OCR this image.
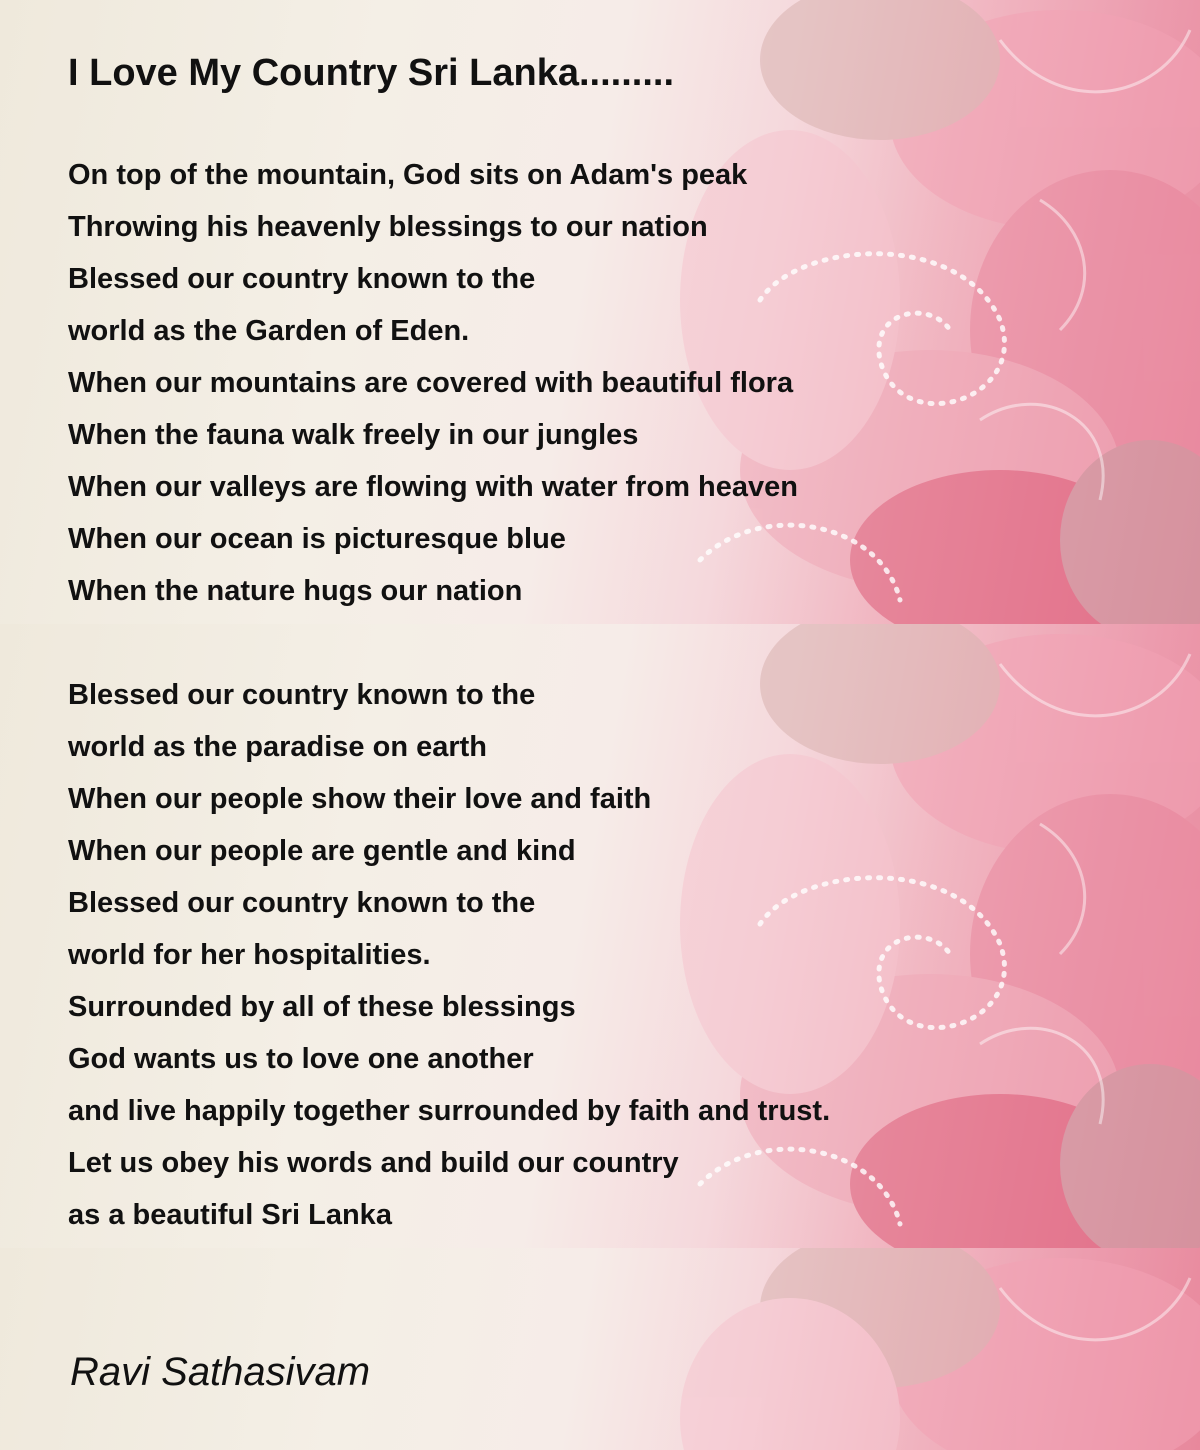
I Love My Country Sri Lanka.........
On top of the mountain, God sits on Adam's peak
Throwing his heavenly blessings to our nation
Blessed our country known to the
world as the Garden of Eden.
When our mountains are covered with beautiful flora
When the fauna walk freely in our jungles
When our valleys are flowing with water from heaven
When our ocean is picturesque blue
When the nature hugs our nation
Blessed our country known to the
world as the paradise on earth
When our people show their love and faith
When our people are gentle and kind
Blessed our country known to the
world for her hospitalities.
Surrounded by all of these blessings
God wants us to love one another
and live happily together surrounded by faith and trust.
Let us obey his words and build our country
as a beautiful Sri Lanka

Ravi Sathasivam
